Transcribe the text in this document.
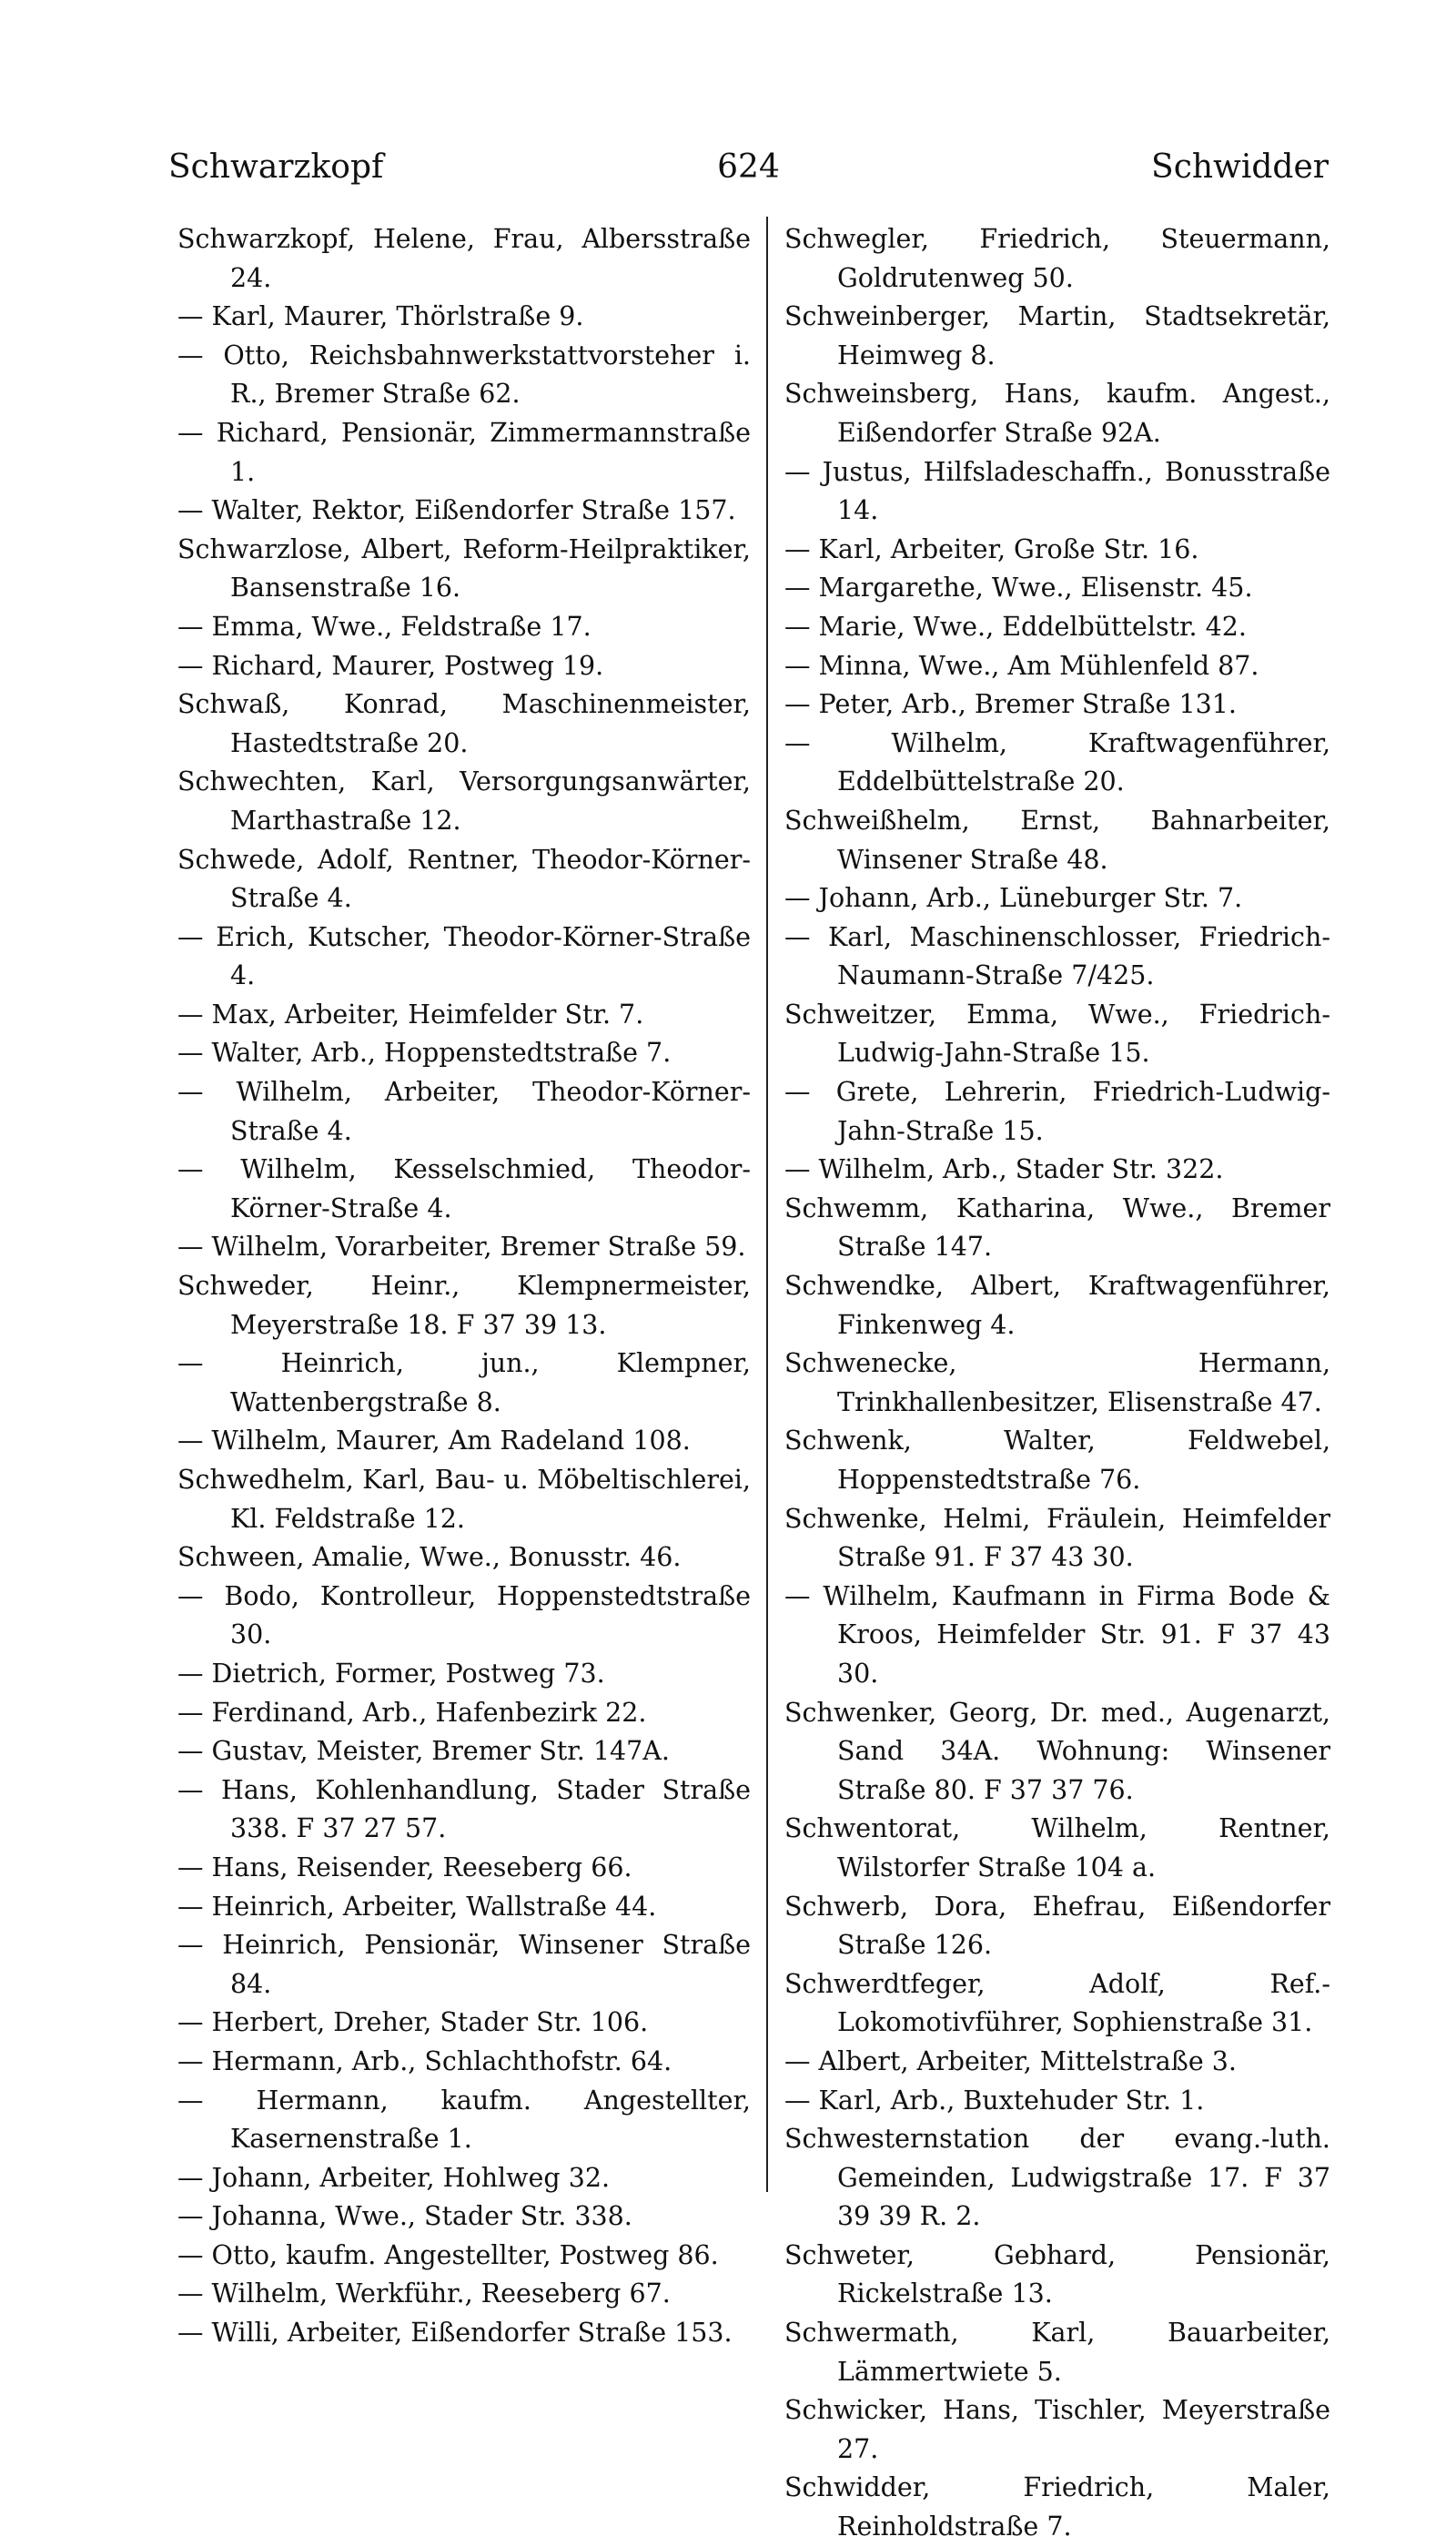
Schwarzkopf	624	Schwidder

Schwarzkopf, Helene, Frau, Albersstraße 24.

— Karl, Maurer, Thörlstraße 9.

— Otto, Reichsbahnwerkstattvorsteher i. R., Bremer Straße 62.

— Richard, Pensionär, Zimmermannstraße 1.

— Walter, Rektor, Eißendorfer Straße 157.

Schwarzlose, Albert, Reform-Heilpraktiker, Bansenstraße 16.

— Emma, Wwe., Feldstraße 17.

— Richard, Maurer, Postweg 19.

Schwaß, Konrad, Maschinenmeister, Hastedtstraße 20.

Schwechten, Karl, Versorgungsanwärter, Marthastraße 12.

Schwede, Adolf, Rentner, Theodor-Körner-Straße 4.

— Erich, Kutscher, Theodor-Körner-Straße 4.

— Max, Arbeiter, Heimfelder Str. 7.

— Walter, Arb., Hoppenstedtstraße 7.

— Wilhelm, Arbeiter, Theodor-Körner-Straße 4.

— Wilhelm, Kesselschmied, Theodor-Körner-Straße 4.

— Wilhelm, Vorarbeiter, Bremer Straße 59.

Schweder, Heinr., Klempnermeister, Meyerstraße 18. F 37 39 13.

— Heinrich, jun., Klempner, Wattenbergstraße 8.

— Wilhelm, Maurer, Am Radeland 108.

Schwedhelm, Karl, Bau- u. Möbeltischlerei, Kl. Feldstraße 12.

Schween, Amalie, Wwe., Bonusstr. 46.

— Bodo, Kontrolleur, Hoppenstedtstraße 30.

— Dietrich, Former, Postweg 73.

— Ferdinand, Arb., Hafenbezirk 22.

— Gustav, Meister, Bremer Str. 147A.

— Hans, Kohlenhandlung, Stader Straße 338. F 37 27 57.

— Hans, Reisender, Reeseberg 66.

— Heinrich, Arbeiter, Wallstraße 44.

— Heinrich, Pensionär, Winsener Straße 84.

— Herbert, Dreher, Stader Str. 106.

— Hermann, Arb., Schlachthofstr. 64.

— Hermann, kaufm. Angestellter, Kasernenstraße 1.

— Johann, Arbeiter, Hohlweg 32.

— Johanna, Wwe., Stader Str. 338.

— Otto, kaufm. Angestellter, Postweg 86.

— Wilhelm, Werkführ., Reeseberg 67.

— Willi, Arbeiter, Eißendorfer Straße 153.

Schwegler, Friedrich, Steuermann, Goldrutenweg 50.

Schweinberger, Martin, Stadtsekretär, Heimweg 8.

Schweinsberg, Hans, kaufm. Angest., Eißendorfer Straße 92A.

— Justus, Hilfsladeschaffn., Bonusstraße 14.

— Karl, Arbeiter, Große Str. 16.

— Margarethe, Wwe., Elisenstr. 45.

— Marie, Wwe., Eddelbüttelstr. 42.

— Minna, Wwe., Am Mühlenfeld 87.

— Peter, Arb., Bremer Straße 131.

— Wilhelm, Kraftwagenführer, Eddelbüttelstraße 20.

Schweißhelm, Ernst, Bahnarbeiter, Winsener Straße 48.

— Johann, Arb., Lüneburger Str. 7.

— Karl, Maschinenschlosser, Friedrich-Naumann-Straße 7/425.

Schweitzer, Emma, Wwe., Friedrich-Ludwig-Jahn-Straße 15.

— Grete, Lehrerin, Friedrich-Ludwig-Jahn-Straße 15.

— Wilhelm, Arb., Stader Str. 322.

Schwemm, Katharina, Wwe., Bremer Straße 147.

Schwendke, Albert, Kraftwagenführer, Finkenweg 4.

Schwenecke, Hermann, Trinkhallenbesitzer, Elisenstraße 47.

Schwenk, Walter, Feldwebel, Hoppenstedtstraße 76.

Schwenke, Helmi, Fräulein, Heimfelder Straße 91. F 37 43 30.

— Wilhelm, Kaufmann in Firma Bode & Kroos, Heimfelder Str. 91. F 37 43 30.

Schwenker, Georg, Dr. med., Augenarzt, Sand 34A. Wohnung: Winsener Straße 80. F 37 37 76.

Schwentorat, Wilhelm, Rentner, Wilstorfer Straße 104 a.

Schwerb, Dora, Ehefrau, Eißendorfer Straße 126.

Schwerdtfeger, Adolf, Ref.-Lokomotivführer, Sophienstraße 31.

— Albert, Arbeiter, Mittelstraße 3.

— Karl, Arb., Buxtehuder Str. 1.

Schwesternstation der evang.-luth. Gemeinden, Ludwigstraße 17. F 37 39 39 R. 2.

Schweter, Gebhard, Pensionär, Rickelstraße 13.

Schwermath, Karl, Bauarbeiter, Lämmertwiete 5.

Schwicker, Hans, Tischler, Meyerstraße 27.

Schwidder, Friedrich, Maler, Reinholdstraße 7.
